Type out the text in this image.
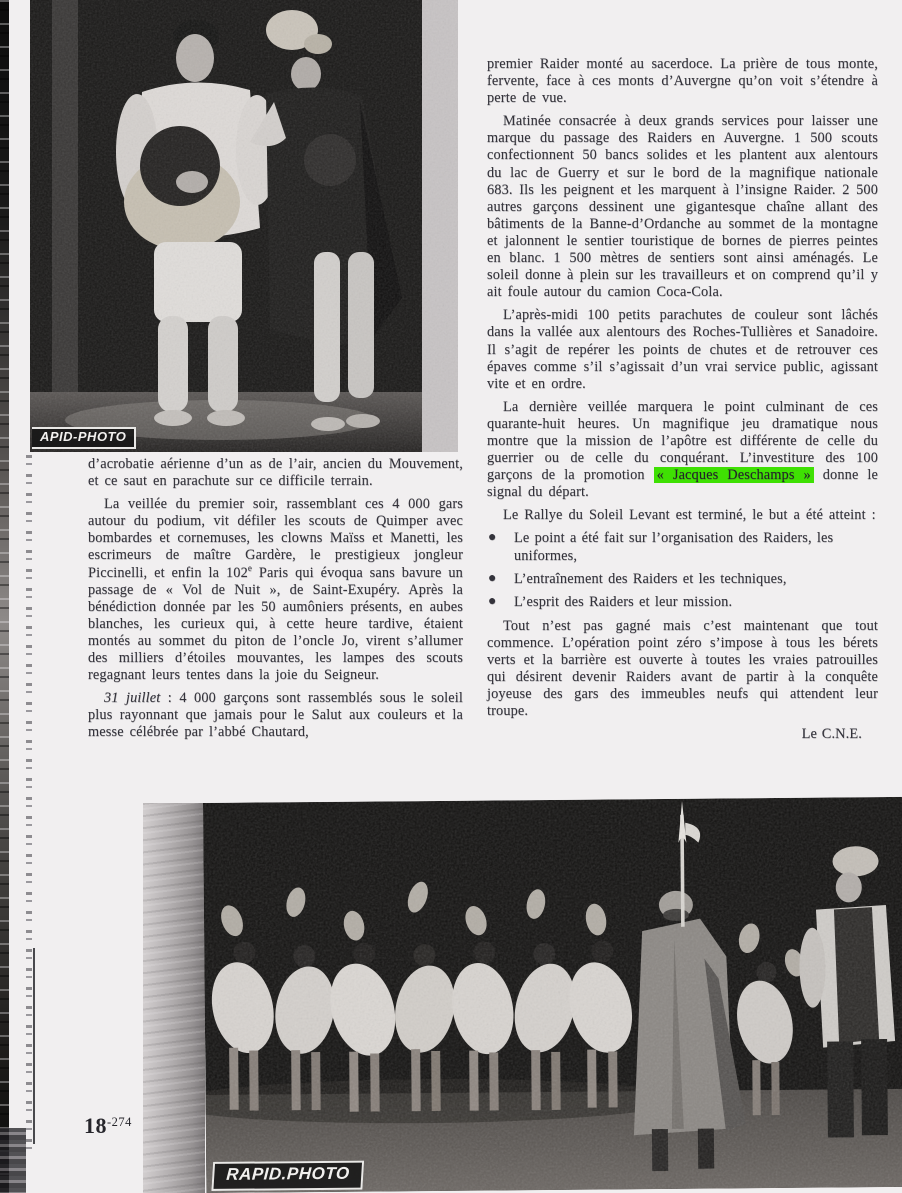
APID-PHOTO

d’acrobatie aérienne d’un as de l’air, ancien du Mouvement, et ce saut en parachute sur ce difficile terrain.

La veillée du premier soir, rassemblant ces 4 000 gars autour du podium, vit défiler les scouts de Quimper avec bombardes et cornemuses, les clowns Maïss et Manetti, les escrimeurs de maître Gardère, le prestigieux jongleur Piccinelli, et enfin la 102e Paris qui évoqua sans bavure un passage de « Vol de Nuit », de Saint-Exupéry. Après la bénédiction donnée par les 50 aumôniers présents, en aubes blanches, les curieux qui, à cette heure tardive, étaient montés au sommet du piton de l’oncle Jo, virent s’allumer des milliers d’étoiles mouvantes, les lampes des scouts regagnant leurs tentes dans la joie du Seigneur.

31 juillet : 4 000 garçons sont rassemblés sous le soleil plus rayonnant que jamais pour le Salut aux couleurs et la messe célébrée par l’abbé Chautard,

premier Raider monté au sacerdoce. La prière de tous monte, fervente, face à ces monts d’Auvergne qu’on voit s’étendre à perte de vue.

Matinée consacrée à deux grands services pour laisser une marque du passage des Raiders en Auvergne. 1 500 scouts confectionnent 50 bancs solides et les plantent aux alentours du lac de Guerry et sur le bord de la magnifique nationale 683. Ils les peignent et les marquent à l’insigne Raider. 2 500 autres garçons dessinent une gigantesque chaîne allant des bâtiments de la Banne-d’Ordanche au sommet de la montagne et jalonnent le sentier touristique de bornes de pierres peintes en blanc. 1 500 mètres de sentiers sont ainsi aménagés. Le soleil donne à plein sur les travailleurs et on comprend qu’il y ait foule autour du camion Coca-Cola.

L’après-midi 100 petits parachutes de couleur sont lâchés dans la vallée aux alentours des Roches-Tullières et Sanadoire. Il s’agit de repérer les points de chutes et de retrouver ces épaves comme s’il s’agissait d’un vrai service public, agissant vite et en ordre.

La dernière veillée marquera le point culminant de ces quarante-huit heures. Un magnifique jeu dramatique nous montre que la mission de l’apôtre est différente de celle du guerrier ou de celle du conquérant. L’investiture des 100 garçons de la promotion « Jacques Deschamps » donne le signal du départ.

Le Rallye du Soleil Levant est terminé, le but a été atteint :

● Le point a été fait sur l’organisation des Raiders, les uniformes,
● L’entraînement des Raiders et les techniques,
● L’esprit des Raiders et leur mission.

Tout n’est pas gagné mais c’est maintenant que tout commence. L’opération point zéro s’impose à tous les bérets verts et la barrière est ouverte à toutes les vraies patrouilles qui désirent devenir Raiders avant de partir à la conquête joyeuse des gars des immeubles neufs qui attendent leur troupe.

Le C.N.E.

$18^{-274}$
RAPID.PHOTO
